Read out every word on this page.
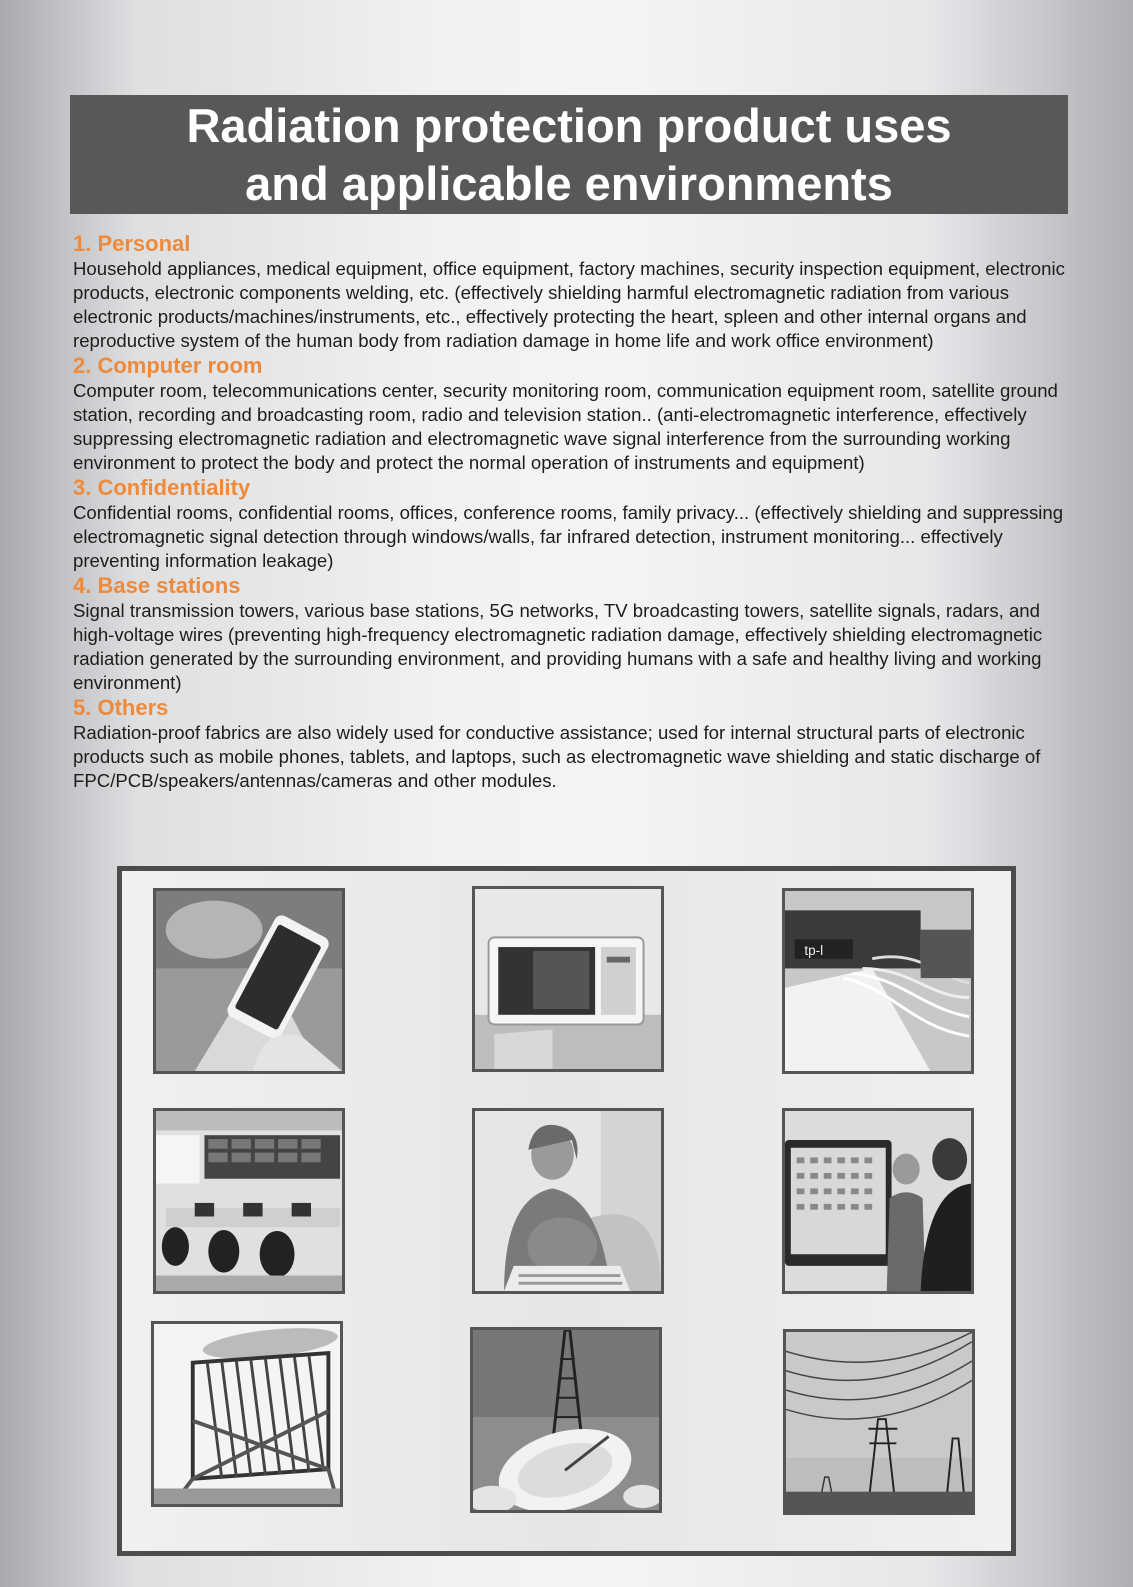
Radiation protection product uses
and applicable environments

1. Personal

Household appliances, medical equipment, office equipment, factory machines, security inspection equipment, electronic products, electronic components welding, etc. (effectively shielding harmful electromagnetic radiation from various electronic products/machines/instruments, etc., effectively protecting the heart, spleen and other internal organs and reproductive system of the human body from radiation damage in home life and work office environment)

2. Computer room

Computer room, telecommunications center, security monitoring room, communication equipment room, satellite ground station, recording and broadcasting room, radio and television station.. (anti-electromagnetic interference, effectively suppressing electromagnetic radiation and electromagnetic wave signal interference from the surrounding working environment to protect the body and protect the normal operation of instruments and equipment)

3. Confidentiality

Confidential rooms, confidential rooms, offices, conference rooms, family privacy... (effectively shielding and suppressing electromagnetic signal detection through windows/walls, far infrared detection, instrument monitoring... effectively preventing information leakage)

4. Base stations

Signal transmission towers, various base stations, 5G networks, TV broadcasting towers, satellite signals, radars, and high-voltage wires (preventing high-frequency electromagnetic radiation damage, effectively shielding electromagnetic radiation generated by the surrounding environment, and providing humans with a safe and healthy living and working environment)

5. Others

Radiation-proof fabrics are also widely used for conductive assistance; used for internal structural parts of electronic products such as mobile phones, tablets, and laptops, such as electromagnetic wave shielding and static discharge of FPC/PCB/speakers/antennas/cameras and other modules.

tp-l
